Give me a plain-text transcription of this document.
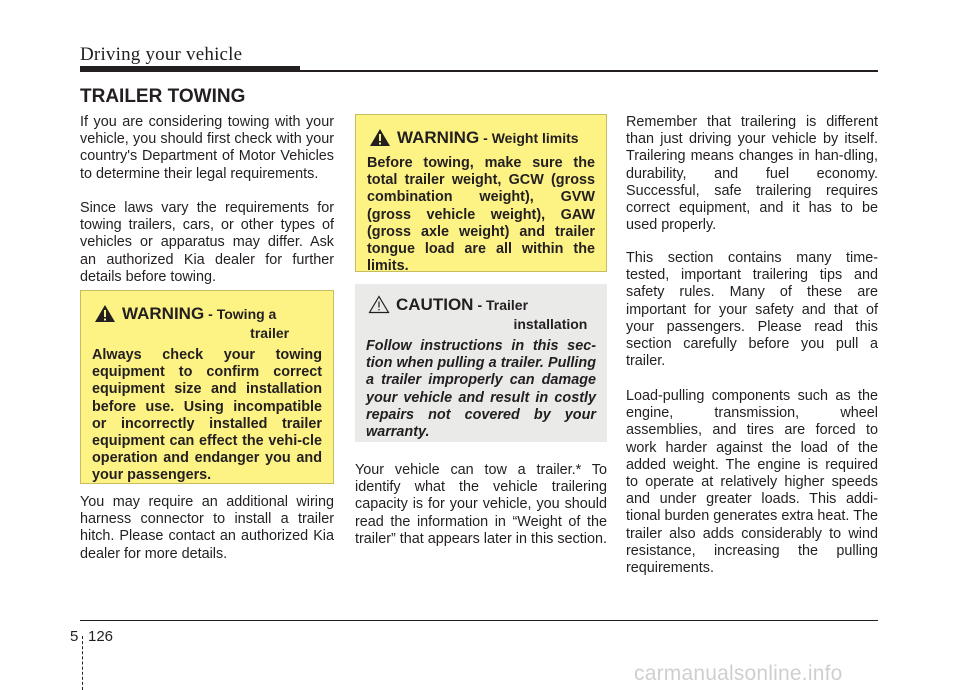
Driving your vehicle
TRAILER TOWING

If you are considering towing with your vehicle, you should first check with your country's Department of Motor Vehicles to determine their legal requirements.

Since laws vary the requirements for towing trailers, cars, or other types of vehicles or apparatus may differ. Ask an authorized Kia dealer for further details before towing.

WARNING - Towing a
trailer

Always check your towing equipment to confirm correct equipment size and installation before use. Using incompatible or incorrectly installed trailer equipment can effect the vehi-cle operation and endanger you and your passengers.

You may require an additional wiring harness connector to install a trailer hitch. Please contact an authorized Kia dealer for more details.

WARNING - Weight limits

Before towing, make sure the total trailer weight, GCW (gross combination weight), GVW (gross vehicle weight), GAW (gross axle weight) and trailer tongue load are all within the limits.

CAUTION - Trailer
installation

Follow instructions in this sec-tion when pulling a trailer. Pulling a trailer improperly can damage your vehicle and result in costly repairs not covered by your warranty.

Your vehicle can tow a trailer.* To identify what the vehicle trailering capacity is for your vehicle, you should read the information in “Weight of the trailer” that appears later in this section.

Remember that trailering is different than just driving your vehicle by itself. Trailering means changes in han-dling, durability, and fuel economy. Successful, safe trailering requires correct equipment, and it has to be used properly.

This section contains many time-tested, important trailering tips and safety rules. Many of these are important for your safety and that of your passengers. Please read this section carefully before you pull a trailer.

Load-pulling components such as the engine, transmission, wheel assemblies, and tires are forced to work harder against the load of the added weight. The engine is required to operate at relatively higher speeds and under greater loads. This addi-tional burden generates extra heat. The trailer also adds considerably to wind resistance, increasing the pulling requirements.

5 126
carmanualsonline.info
